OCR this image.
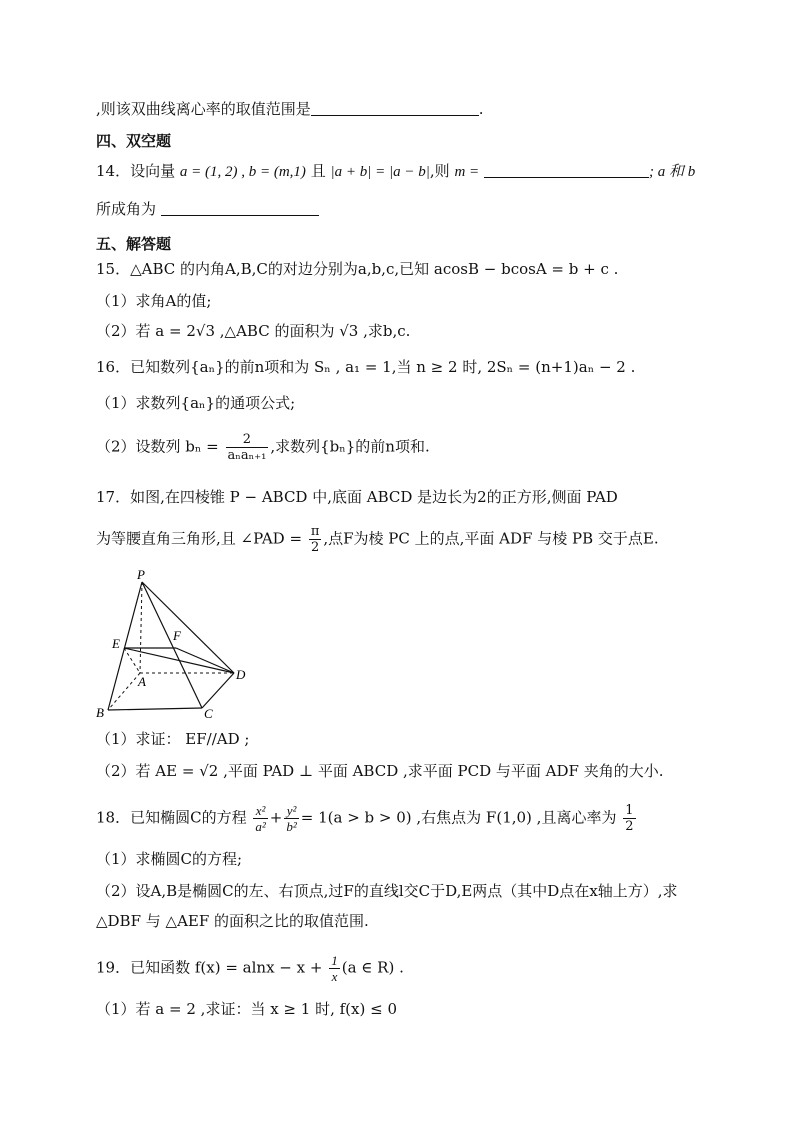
,则该双曲线离心率的取值范围是	.
四、双空题
14．设向量 a = (1, 2) , b = (m,1) 且 |a + b| = |a − b|,则 m =	; a 和 b
所成角为
五、解答题
15．△ABC 的内角A,B,C的对边分别为a,b,c,已知 acosB − bcosA = b + c .
（1）求角A的值;
（2）若 a = 2√3 ,△ABC 的面积为 √3 ,求b,c.
16．已知数列{aₙ}的前n项和为 Sₙ , a₁ = 1,当 n ≥ 2 时, 2Sₙ = (n+1)aₙ − 2 .
（1）求数列{aₙ}的通项公式;
（2）设数列 $b_n = \frac{2}{\text{aₙaₙ₊₁}}$ ,求数列{bₙ}的前n项和.
17．如图,在四棱锥 P − ABCD 中,底面 ABCD 是边长为2的正方形,侧面 PAD
为等腰直角三角形,且 ∠PAD = $\frac{\pi}{2}$ ,点F为棱 PC 上的点,平面 ADF 与棱 PB 交于点E.
P
E
F
A	D
B	C
（1）求证： EF//AD ;
（2）若 AE = √2 ,平面 PAD ⊥ 平面 ABCD ,求平面 PCD 与平面 ADF 夹角的大小.
18．已知椭圆C的方程 $\frac{\text{x²}}{\text{a²}} + \frac{\text{y²}}{\text{b²}} = 1(a > b > 0)$ ,右焦点为 F(1,0) ,且离心率为 $\frac{1}{2}$
（1）求椭圆C的方程;
（2）设A,B是椭圆C的左、右顶点,过F的直线l交C于D,E两点（其中D点在x轴上方）,求
△DBF 与 △AEF 的面积之比的取值范围.
19．已知函数 $f(x) = alnx - x + \frac{1}{x} (a$ ∈ R) .
（1）若 a = 2 ,求证：当 x ≥ 1 时, f(x) ≤ 0
